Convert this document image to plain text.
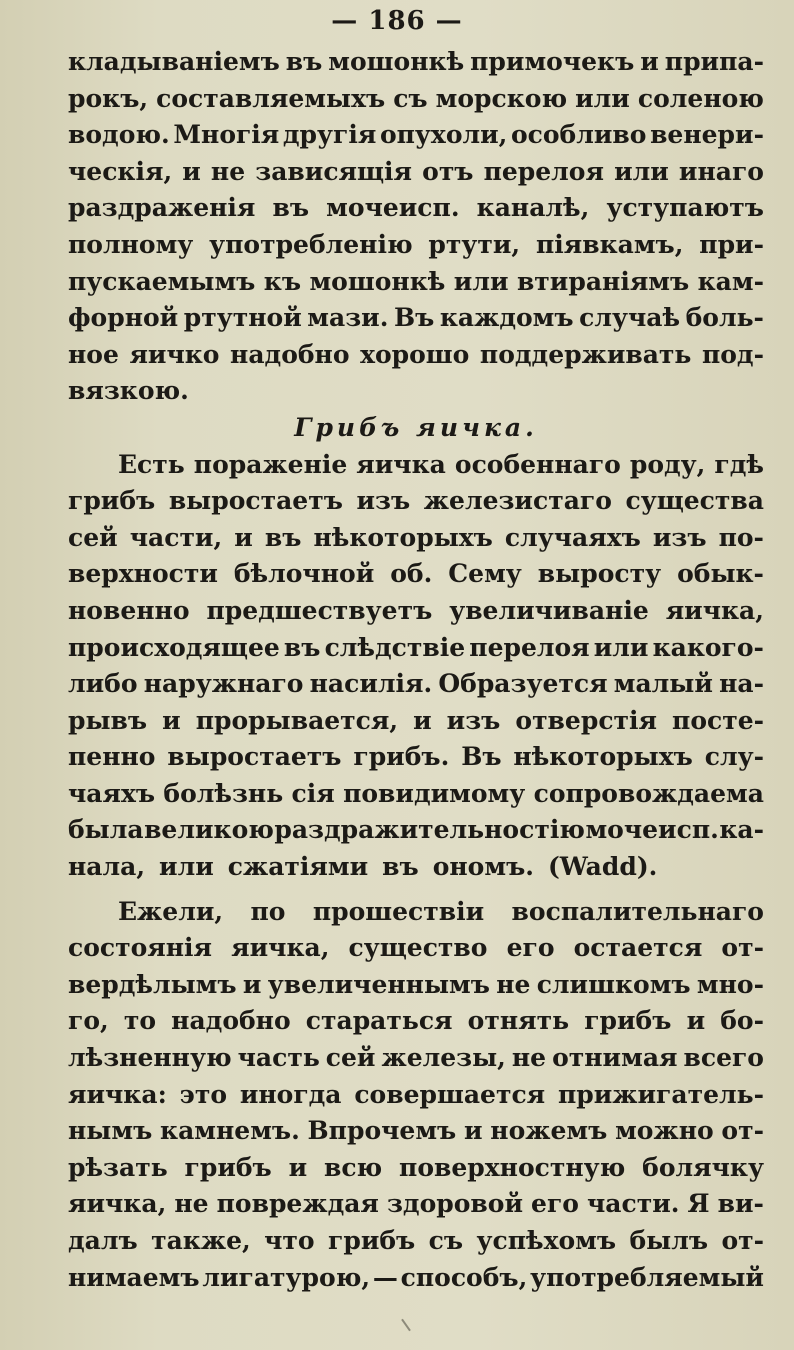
— 186 —
кладываніемъ въ мошонкѣ примочекъ и припа-
рокъ, составляемыхъ съ морскою или соленою
водою. Многія другія опухоли, особливо венери-
ческія, и не зависящія отъ перелоя или инаго
раздраженія въ мочеисп. каналѣ, уступаютъ
полному употребленію ртути, піявкамъ, при-
пускаемымъ къ мошонкѣ или втираніямъ кам-
форной ртутной мази. Въ каждомъ случаѣ боль-
ное яичко надобно хорошо поддерживать под-
вязкою.
Грибъ яичка.
Есть пораженіе яичка особеннаго роду, гдѣ
грибъ выростаетъ изъ железистаго существа
сей части, и въ нѣкоторыхъ случаяхъ изъ по-
верхности бѣлочной об. Сему выросту обык-
новенно предшествуетъ увеличиваніе яичка,
происходящее въ слѣдствіе перелоя или какого-
либо наружнаго насилія. Образуется малый на-
рывъ и прорывается, и изъ отверстія посте-
пенно выростаетъ грибъ. Въ нѣкоторыхъ слу-
чаяхъ болѣзнь сія повидимому сопровождаема
была великою раздражительностію мочеисп. ка-
нала, или сжатіями въ ономъ. (Wadd).
Ежели, по прошествіи воспалительнаго
состоянія яичка, существо его остается от-
вердѣлымъ и увеличеннымъ не слишкомъ мно-
го, то надобно стараться отнять грибъ и бо-
лѣзненную часть сей железы, не отнимая всего
яичка: это иногда совершается прижигатель-
нымъ камнемъ. Впрочемъ и ножемъ можно от-
рѣзать грибъ и всю поверхностную болячку
яичка, не повреждая здоровой его части. Я ви-
далъ также, что грибъ съ успѣхомъ былъ от-
нимаемъ лигатурою, — способъ, употребляемый
